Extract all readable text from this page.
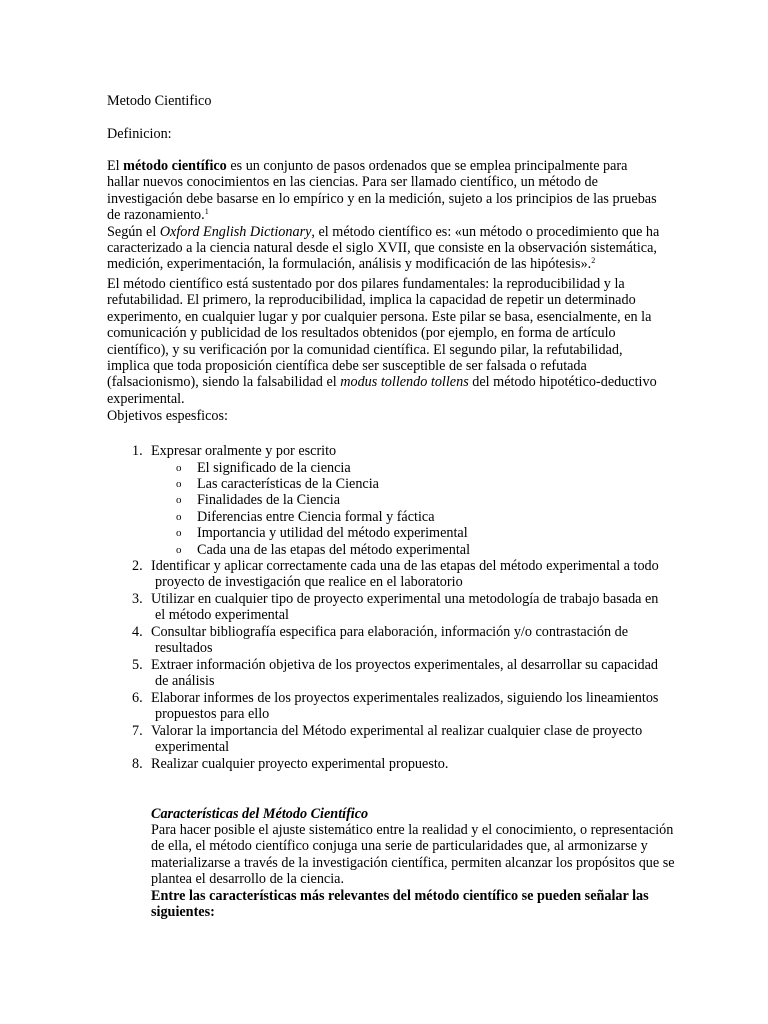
Metodo Cientifico

Definicion:

El método científico es un conjunto de pasos ordenados que se emplea principalmente para hallar nuevos conocimientos en las ciencias. Para ser llamado científico, un método de investigación debe basarse en lo empírico y en la medición, sujeto a los principios de las pruebas de razonamiento.$^1$
Según el Oxford English Dictionary, el método científico es: «un método o procedimiento que ha caracterizado a la ciencia natural desde el siglo XVII, que consiste en la observación sistemática, medición, experimentación, la formulación, análisis y modificación de las hipótesis».$^2$

El método científico está sustentado por dos pilares fundamentales: la reproducibilidad y la refutabilidad. El primero, la reproducibilidad, implica la capacidad de repetir un determinado experimento, en cualquier lugar y por cualquier persona. Este pilar se basa, esencialmente, en la comunicación y publicidad de los resultados obtenidos (por ejemplo, en forma de artículo científico), y su verificación por la comunidad científica. El segundo pilar, la refutabilidad, implica que toda proposición científica debe ser susceptible de ser falsada o refutada (falsacionismo), siendo la falsabilidad el modus tollendo tollens del método hipotético-deductivo experimental.

Objetivos espesficos:

1. Expresar oralmente y por escrito
o El significado de la ciencia
o Las características de la Ciencia
o Finalidades de la Ciencia
o Diferencias entre Ciencia formal y fáctica
o Importancia y utilidad del método experimental
o Cada una de las etapas del método experimental
2. Identificar y aplicar correctamente cada una de las etapas del método experimental a todo
proyecto de investigación que realice en el laboratorio
3. Utilizar en cualquier tipo de proyecto experimental una metodología de trabajo basada en
el método experimental
4. Consultar bibliografía especifica para elaboración, información y/o contrastación de
resultados
5. Extraer información objetiva de los proyectos experimentales, al desarrollar su capacidad
de análisis
6. Elaborar informes de los proyectos experimentales realizados, siguiendo los lineamientos
propuestos para ello
7. Valorar la importancia del Método experimental al realizar cualquier clase de proyecto
experimental
8. Realizar cualquier proyecto experimental propuesto.

Características del Método Científico

Para hacer posible el ajuste sistemático entre la realidad y el conocimiento, o representación de ella, el método científico conjuga una serie de particularidades que, al armonizarse y materializarse a través de la investigación científica, permiten alcanzar los propósitos que se plantea el desarrollo de la ciencia.

Entre las características más relevantes del método científico se pueden señalar las siguientes:
